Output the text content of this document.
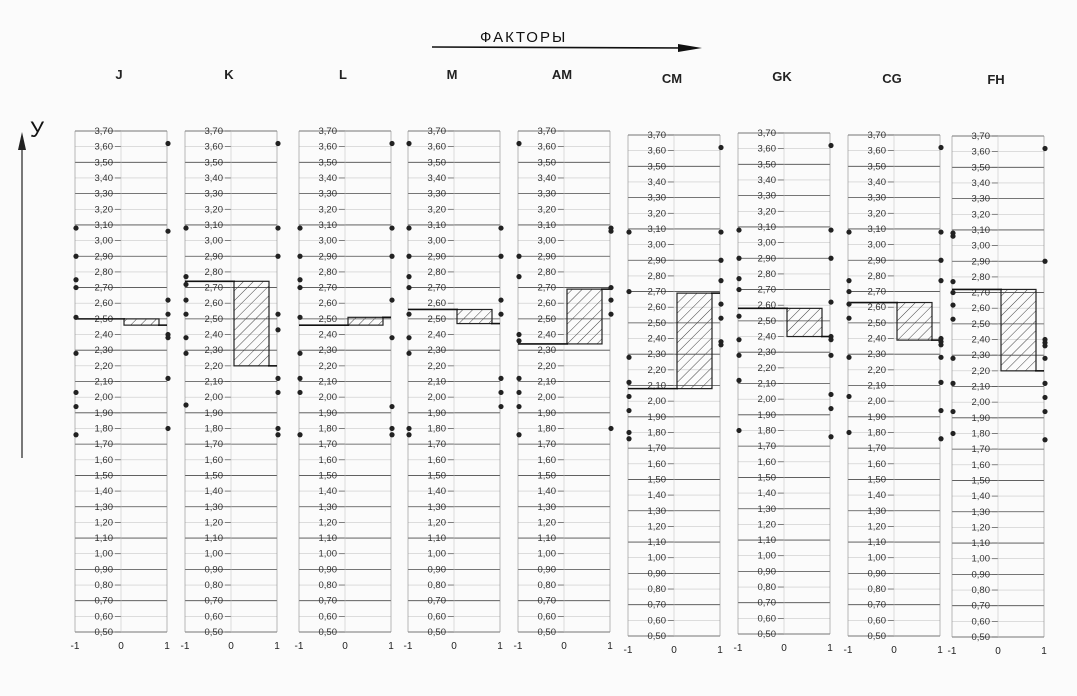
ФАКТОРЫ
У
J
3,70
3,60
3,50
3,40
3,30
3,20
3,10
3,00
2,90
2,80
2,70
2,60
2,50
2,40
2,30
2,20
2,10
2,00
1,90
1,80
1,70
1,60
1,50
1,40
1,30
1,20
1,10
1,00
0,90
0,80
0,70
0,60
0,50
-1	0	1
K
3,70
3,60
3,50
3,40
3,30
3,20
3,10
3,00
2,90
2,80
2,70
2,60
2,50
2,40
2,30
2,20
2,10
2,00
1,90
1,80
1,70
1,60
1,50
1,40
1,30
1,20
1,10
1,00
0,90
0,80
0,70
0,60
0,50
-1	0	1
L
3,70
3,60
3,50
3,40
3,30
3,20
3,10
3,00
2,90
2,80
2,70
2,60
2,50
2,40
2,30
2,20
2,10
2,00
1,90
1,80
1,70
1,60
1,50
1,40
1,30
1,20
1,10
1,00
0,90
0,80
0,70
0,60
0,50
-1	0	1
M
3,70
3,60
3,50
3,40
3,30
3,20
3,10
3,00
2,90
2,80
2,70
2,60
2,50
2,40
2,30
2,20
2,10
2,00
1,90
1,80
1,70
1,60
1,50
1,40
1,30
1,20
1,10
1,00
0,90
0,80
0,70
0,60
0,50
-1	0	1
AM
3,70
3,60
3,50
3,40
3,30
3,20
3,10
3,00
2,90
2,80
2,70
2,60
2,50
2,40
2,30
2,20
2,10
2,00
1,90
1,80
1,70
1,60
1,50
1,40
1,30
1,20
1,10
1,00
0,90
0,80
0,70
0,60
0,50
-1	0	1
CM
3,70
3,60
3,50
3,40
3,30
3,20
3,10
3,00
2,90
2,80
2,70
2,60
2,50
2,40
2,30
2,20
2,10
2,00
1,90
1,80
1,70
1,60
1,50
1,40
1,30
1,20
1,10
1,00
0,90
0,80
0,70
0,60
0,50
-1	0	1
GK
3,70
3,60
3,50
3,40
3,30
3,20
3,10
3,00
2,90
2,80
2,70
2,60
2,50
2,40
2,30
2,20
2,10
2,00
1,90
1,80
1,70
1,60
1,50
1,40
1,30
1,20
1,10
1,00
0,90
0,80
0,70
0,60
0,50
-1	0	1
CG
3,70
3,60
3,50
3,40
3,30
3,20
3,10
3,00
2,90
2,80
2,70
2,60
2,50
2,40
2,30
2,20
2,10
2,00
1,90
1,80
1,70
1,60
1,50
1,40
1,30
1,20
1,10
1,00
0,90
0,80
0,70
0,60
0,50
-1	0	1
FH
3,70
3,60
3,50
3,40
3,30
3,20
3,10
3,00
2,90
2,80
2,70
2,60
2,50
2,40
2,30
2,20
2,10
2,00
1,90
1,80
1,70
1,60
1,50
1,40
1,30
1,20
1,10
1,00
0,90
0,80
0,70
0,60
0,50
-1	0	1
